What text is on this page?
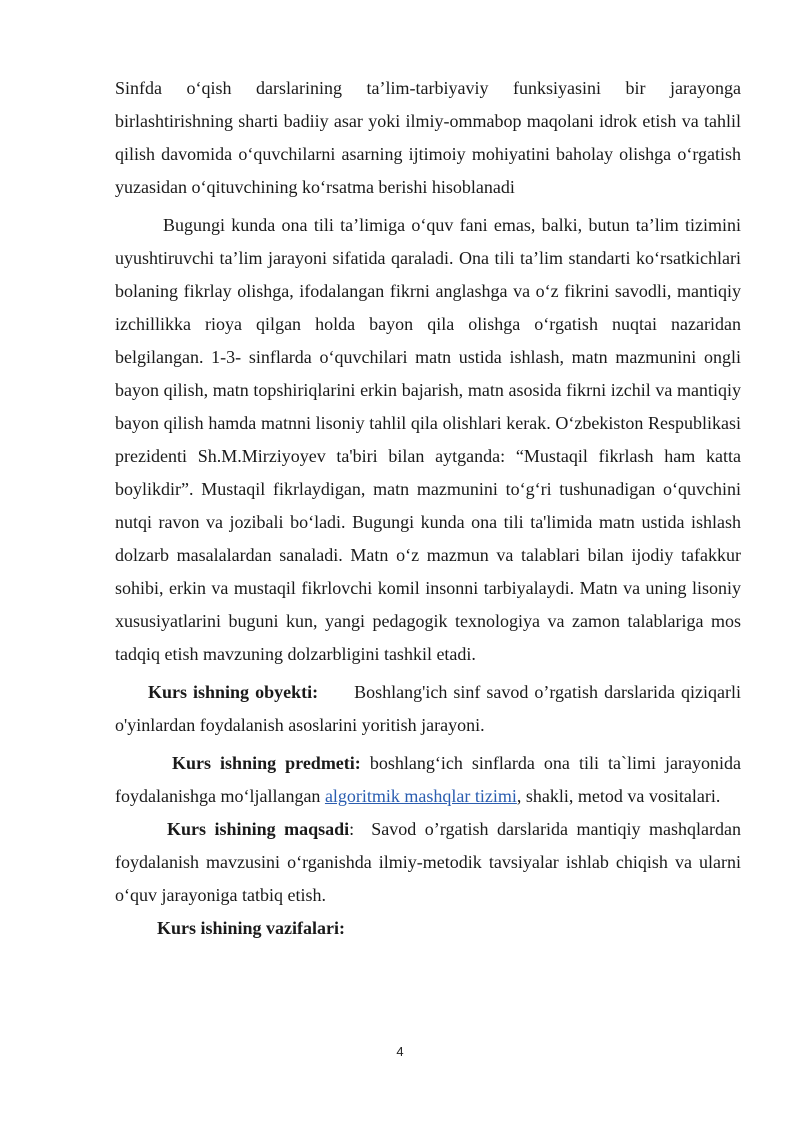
Sinfda o‘qish darslarining ta’lim-tarbiyaviy funksiyasini bir jarayonga birlashtirishning sharti badiiy asar yoki ilmiy-ommabop maqolani idrok etish va tahlil qilish davomida o‘quvchilarni asarning ijtimoiy mohiyatini baholay olishga o‘rgatish yuzasidan o‘qituvchining ko‘rsatma berishi hisoblanadi

Bugungi kunda ona tili ta’limiga o‘quv fani emas, balki, butun ta’lim tizimini uyushtiruvchi ta’lim jarayoni sifatida qaraladi. Ona tili ta’lim standarti ko‘rsatkichlari bolaning fikrlay olishga, ifodalangan fikrni anglashga va o‘z fikrini savodli, mantiqiy izchillikka rioya qilgan holda bayon qila olishga o‘rgatish nuqtai nazaridan belgilangan. 1-3- sinflarda o‘quvchilari matn ustida ishlash, matn mazmunini ongli bayon qilish, matn topshiriqlarini erkin bajarish, matn asosida fikrni izchil va mantiqiy bayon qilish hamda matnni lisoniy tahlil qila olishlari kerak. O‘zbekiston Respublikasi prezidenti Sh.M.Mirziyoyev ta'biri bilan aytganda: “Mustaqil fikrlash ham katta boylikdir”. Mustaqil fikrlaydigan, matn mazmunini to‘g‘ri tushunadigan o‘quvchini nutqi ravon va jozibali bo‘ladi. Bugungi kunda ona tili ta'limida matn ustida ishlash dolzarb masalalardan sanaladi. Matn o‘z mazmun va talablari bilan ijodiy tafakkur sohibi, erkin va mustaqil fikrlovchi komil insonni tarbiyalaydi. Matn va uning lisoniy xususiyatlarini buguni kun, yangi pedagogik texnologiya va zamon talablariga mos tadqiq etish mavzuning dolzarbligini tashkil etadi.

Kurs ishning obyekti: Boshlang'ich sinf savod o’rgatish darslarida qiziqarli o'yinlardan foydalanish asoslarini yoritish jarayoni.

Kurs ishning predmeti: boshlang‘ich sinflarda ona tili ta`limi jarayonida foydalanishga mo‘ljallangan algoritmik mashqlar tizimi, shakli, metod va vositalari.

Kurs ishining maqsadi: Savod o’rgatish darslarida mantiqiy mashqlardan foydalanish mavzusini o‘rganishda ilmiy-metodik tavsiyalar ishlab chiqish va ularni o‘quv jarayoniga tatbiq etish.

Kurs ishining vazifalari:

4
